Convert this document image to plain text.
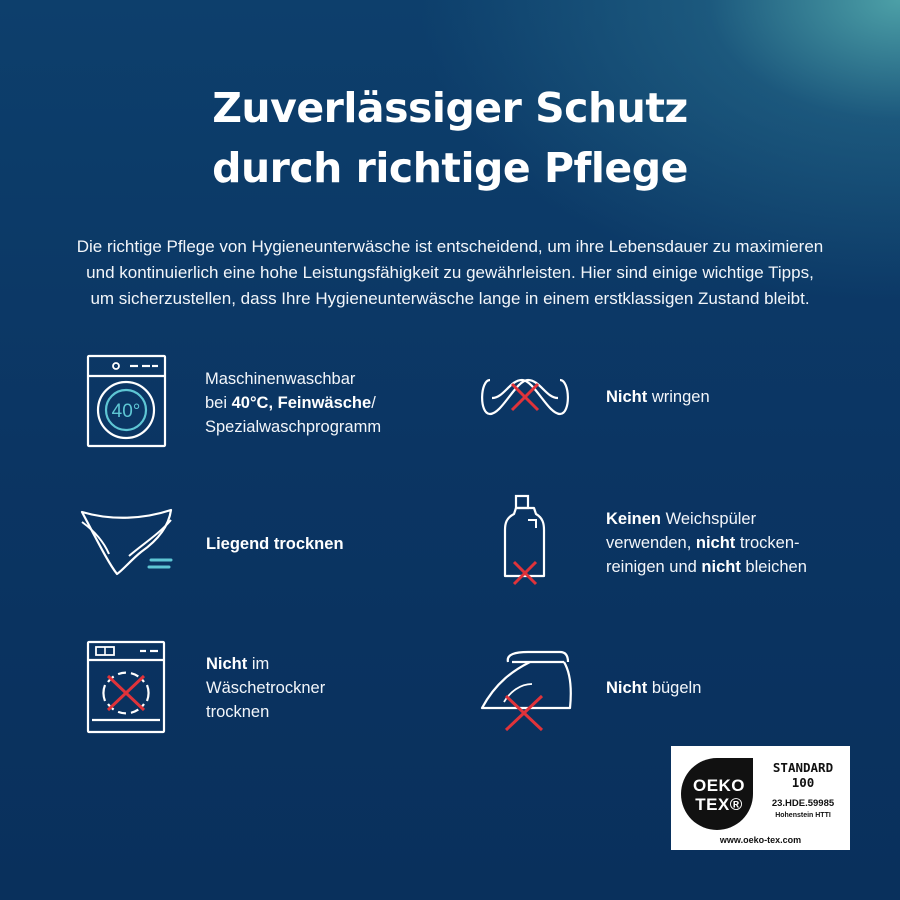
Zuverlässiger Schutz
durch richtige Pflege
Die richtige Pflege von Hygieneunterwäsche ist entscheidend, um ihre Lebensdauer zu maximieren
und kontinuierlich eine hohe Leistungsfähigkeit zu gewährleisten. Hier sind einige wichtige Tipps,
um sicherzustellen, dass Ihre Hygieneunterwäsche lange in einem erstklassigen Zustand bleibt.
40°
Maschinenwaschbar
bei 40°C, Feinwäsche/
Spezialwaschprogramm
Nicht wringen
Liegend trocknen
Keinen Weichspüler
verwenden, nicht trocken-
reinigen und nicht bleichen
Nicht im
Wäschetrockner
trocknen
Nicht bügeln
OEKO
TEX®
STANDARD
100
23.HDE.59985
Hohenstein HTTI
www.oeko-tex.com
